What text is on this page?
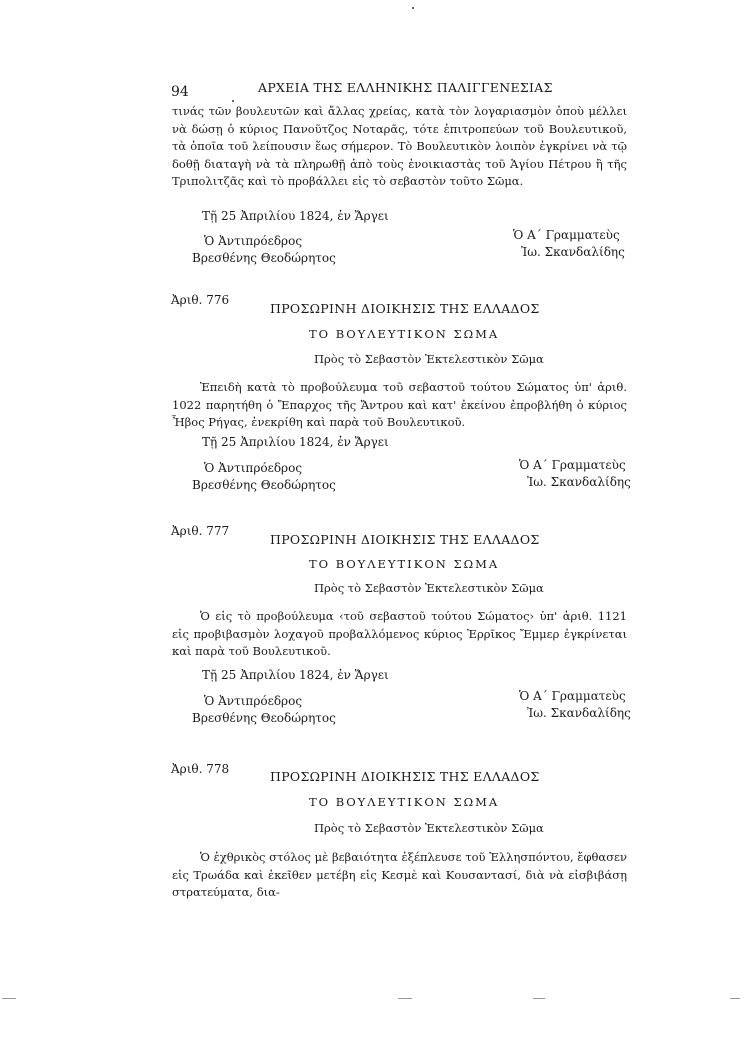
94	ΑΡΧΕΙΑ ΤΗΣ ΕΛΛΗΝΙΚΗΣ ΠΑΛΙΓΓΕΝΕΣΙΑΣ

τινάς τῶν βουλευτῶν καὶ ἄλλας χρείας, κατὰ τὸν λογαριασμὸν ὁποὺ μέλλει νὰ δώσῃ ὁ κύριος Πανοῦτζος Νοταρᾶς, τότε ἐπιτροπεύων τοῦ Βουλευτικοῦ, τὰ ὁποῖα τοῦ λείπουσιν ἕως σήμερον. Τὸ Βουλευτικὸν λοιπὸν ἐγκρίνει νὰ τῷ δοθῇ διαταγὴ νὰ τὰ πληρωθῇ ἀπὸ τοὺς ἐνοικιαστὰς τοῦ Ἁγίου Πέτρου ἢ τῆς Τριπολιτζᾶς καὶ τὸ προβάλλει εἰς τὸ σεβαστὸν τοῦτο Σῶμα.

Τῇ 25 Ἀπριλίου 1824, ἐν Ἄργει
Ὁ Ἀντιπρόεδρος
Βρεσθένης Θεοδώρητος
Ὁ Α΄ Γραμματεὺς
Ἰω. Σκανδαλίδης
Ἀριθ. 776
ΠΡΟΣΩΡΙΝΗ ΔΙΟΙΚΗΣΙΣ ΤΗΣ ΕΛΛΑΔΟΣ
ΤΟ ΒΟΥΛΕΥΤΙΚΟΝ ΣΩΜΑ
Πρὸς τὸ Σεβαστὸν Ἐκτελεστικὸν Σῶμα

Ἐπειδὴ κατὰ τὸ προβούλευμα τοῦ σεβαστοῦ τούτου Σώματος ὑπ' ἀριθ. 1022 παρητήθη ὁ Ἔπαρχος τῆς Ἄντρου καὶ κατ' ἐκείνου ἐπροβλήθη ὁ κύριος Ἦβος Ρήγας, ἐνεκρίθη καὶ παρὰ τοῦ Βουλευτικοῦ.

Τῇ 25 Ἀπριλίου 1824, ἐν Ἄργει
Ὁ Ἀντιπρόεδρος
Βρεσθένης Θεοδώρητος
Ὁ Α΄ Γραμματεὺς
Ἰω. Σκανδαλίδης
Ἀριθ. 777
ΠΡΟΣΩΡΙΝΗ ΔΙΟΙΚΗΣΙΣ ΤΗΣ ΕΛΛΑΔΟΣ
ΤΟ ΒΟΥΛΕΥΤΙΚΟΝ ΣΩΜΑ
Πρὸς τὸ Σεβαστὸν Ἐκτελεστικὸν Σῶμα

Ὁ εἰς τὸ προβούλευμα ‹τοῦ σεβαστοῦ τούτου Σώματος› ὑπ' ἀριθ. 1121 εἰς προβιβασμὸν λοχαγοῦ προβαλλόμενος κύριος Ἐρρῖκος Ἔμμερ ἐγκρίνεται καὶ παρὰ τοῦ Βουλευτικοῦ.

Τῇ 25 Ἀπριλίου 1824, ἐν Ἄργει
Ὁ Ἀντιπρόεδρος
Βρεσθένης Θεοδώρητος
Ὁ Α΄ Γραμματεὺς
Ἰω. Σκανδαλίδης
Ἀριθ. 778	ΠΡΟΣΩΡΙΝΗ ΔΙΟΙΚΗΣΙΣ ΤΗΣ ΕΛΛΑΔΟΣ
ΤΟ ΒΟΥΛΕΥΤΙΚΟΝ ΣΩΜΑ
Πρὸς τὸ Σεβαστὸν Ἐκτελεστικὸν Σῶμα

Ὁ ἐχθρικὸς στόλος μὲ βεβαιότητα ἐξέπλευσε τοῦ Ἑλλησπόντου, ἔφθασεν εἰς Τρωάδα καὶ ἐκεῖθεν μετέβη εἰς Κεσμὲ καὶ Κουσαντασί, διὰ νὰ εἰσβιβάσῃ στρατεύματα, δια-
